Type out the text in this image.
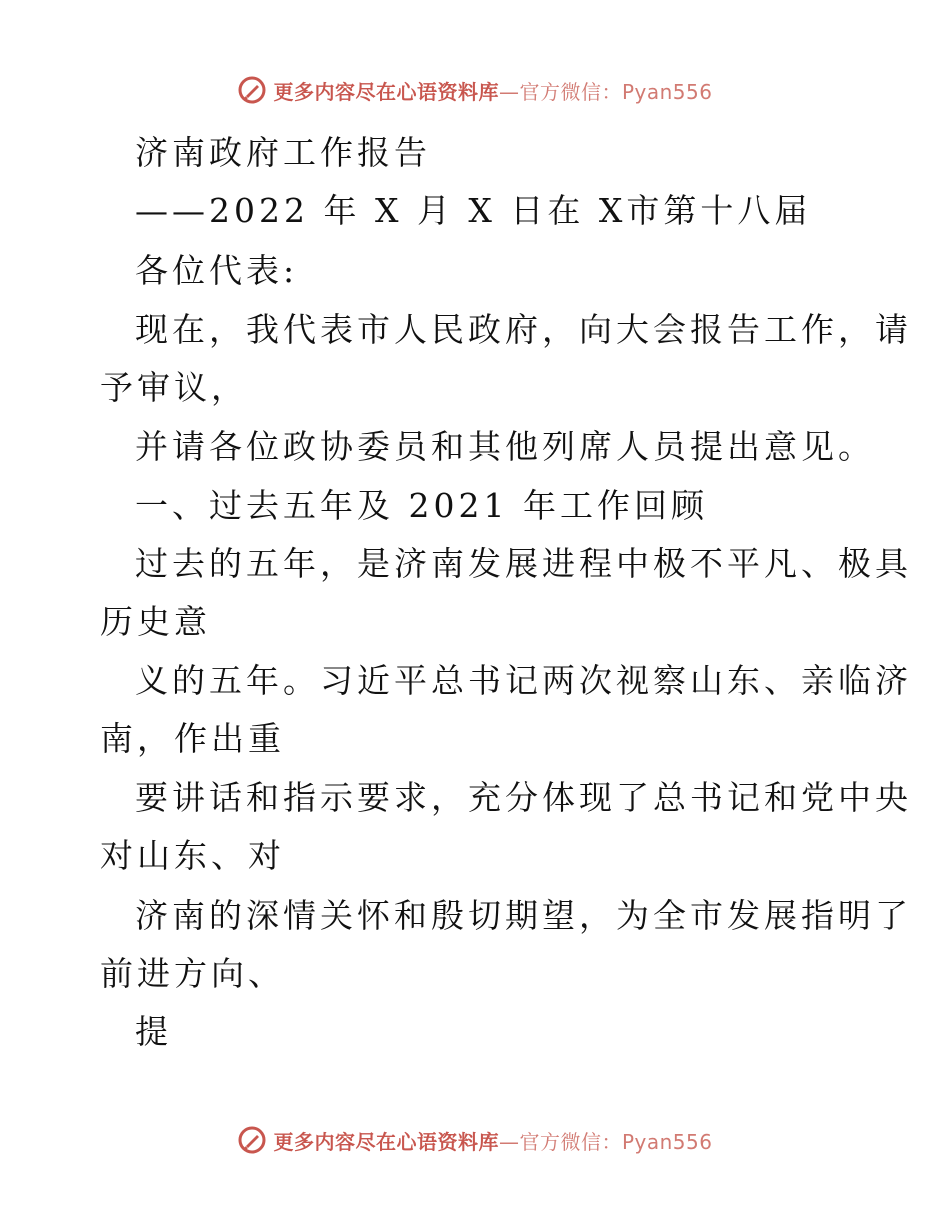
更多内容尽在心语资料库—官方微信：Pyan556
济南政府工作报告
——2022 年 X 月 X 日在 X市第十八届
各位代表:
现在，我代表市人民政府，向大会报告工作，请
予审议，
并请各位政协委员和其他列席人员提出意见。
一、过去五年及 2021 年工作回顾
过去的五年，是济南发展进程中极不平凡、极具
历史意
义的五年。习近平总书记两次视察山东、亲临济
南，作出重
要讲话和指示要求，充分体现了总书记和党中央
对山东、对
济南的深情关怀和殷切期望，为全市发展指明了
前进方向、
提
更多内容尽在心语资料库—官方微信：Pyan556
